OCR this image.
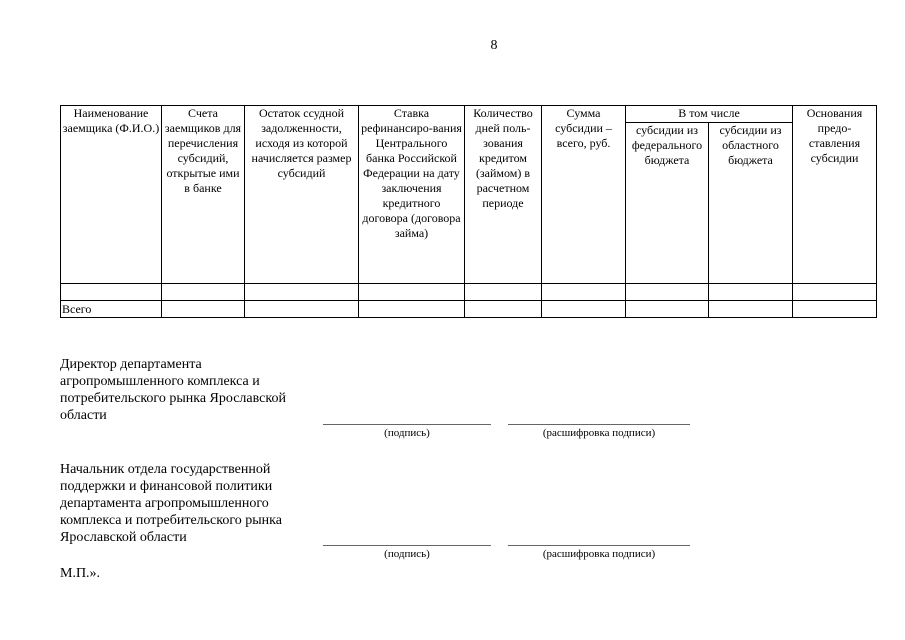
8
Наименование заемщика (Ф.И.О.)	Счета заемщиков для перечисления субсидий, открытые ими в банке	Остаток ссудной задолженности, исходя из которой начисляется размер субсидий	Ставка рефинансиро-вания Центрального банка Российской Федерации на дату заключения кредитного договора (договора займа)	Количество дней поль-зования кредитом (займом) в расчетном периоде	Сумма субсидии – всего, руб.	В том числе		Основания предо-ставления субсидии
						субсидии из федерального бюджета	субсидии из областного бюджета	

Всего								
Директор департамента агропромышленного комплекса и потребительского рынка Ярославской области
(подпись)	(расшифровка подписи)
Начальник отдела государственной поддержки и финансовой политики департамента агропромышленного комплекса и потребительского рынка Ярославской области
(подпись)	(расшифровка подписи)
М.П.».
